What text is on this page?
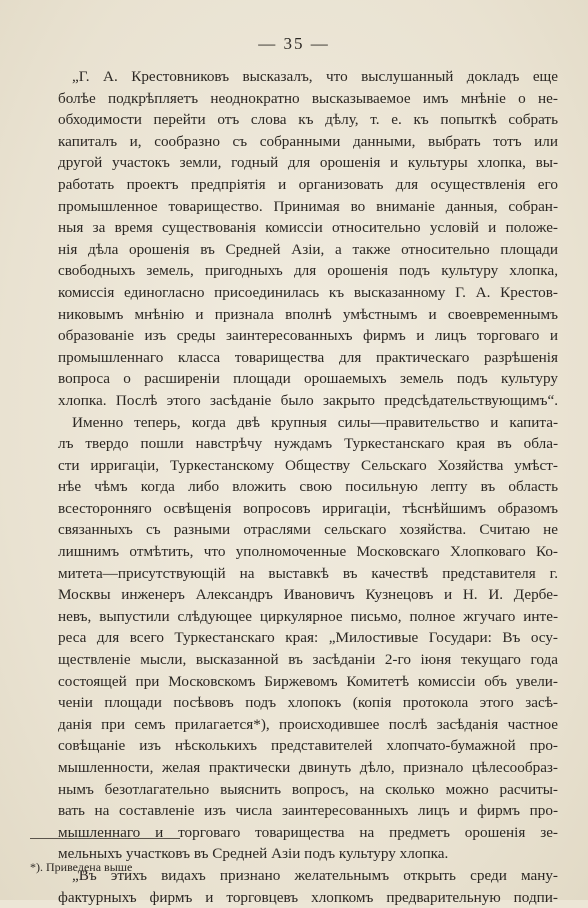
— 35 —
„Г. А. Крестовниковъ высказалъ, что выслушанный докладъ еще
болѣе подкрѣпляетъ неоднократно высказываемое имъ мнѣніе о не-
обходимости перейти отъ слова къ дѣлу, т. е. къ попыткѣ собрать
капиталъ и, сообразно съ собранными данными, выбрать тотъ или
другой участокъ земли, годный для орошенія и культуры хлопка, вы-
работать проектъ предпріятія и организовать для осуществленія его
промышленное товарищество. Принимая во вниманіе данныя, собран-
ныя за время существованія комиссіи относительно условій и положе-
нія дѣла орошенія въ Средней Азіи, а также относительно площади
свободныхъ земель, пригодныхъ для орошенія подъ культуру хлопка,
комиссія единогласно присоединилась къ высказанному Г. А. Крестов-
никовымъ мнѣнію и признала вполнѣ умѣстнымъ и своевременнымъ
образованіе изъ среды заинтересованныхъ фирмъ и лицъ торговаго и
промышленнаго класса товарищества для практическаго разрѣшенія
вопроса о расширеніи площади орошаемыхъ земель подъ культуру
хлопка. Послѣ этого засѣданіе было закрыто предсѣдательствующимъ“.
Именно теперь, когда двѣ крупныя силы—правительство и капита-
лъ твердо пошли навстрѣчу нуждамъ Туркестанскаго края въ обла-
сти ирригаціи, Туркестанскому Обществу Сельскаго Хозяйства умѣст-
нѣе чѣмъ когда либо вложить свою посильную лепту въ область
всесторонняго освѣщенія вопросовъ ирригаціи, тѣснѣйшимъ образомъ
связанныхъ съ разными отраслями сельскаго хозяйства. Считаю не
лишнимъ отмѣтить, что уполномоченные Московскаго Хлопковаго Ко-
митета—присутствующій на выставкѣ въ качествѣ представителя г.
Москвы инженеръ Александръ Ивановичъ Кузнецовъ и Н. И. Дербе-
невъ, выпустили слѣдующее циркулярное письмо, полное жгучаго инте-
реса для всего Туркестанскаго края: „Милостивые Государи: Въ осу-
ществленіе мысли, высказанной въ засѣданіи 2-го іюня текущаго года
состоящей при Московскомъ Биржевомъ Комитетѣ комиссіи объ увели-
ченіи площади посѣвовъ подъ хлопокъ (копія протокола этого засѣ-
данія при семъ прилагается*), происходившее послѣ засѣданія частное
совѣщаніе изъ нѣсколькихъ представителей хлопчато-бумажной про-
мышленности, желая практически двинуть дѣло, признало цѣлесообраз-
нымъ безотлагательно выяснить вопросъ, на сколько можно расчиты-
вать на составленіе изъ числа заинтересованныхъ лицъ и фирмъ про-
мышленнаго и торговаго товарищества на предметъ орошенія зе-
мельныхъ участковъ въ Средней Азіи подъ культуру хлопка.
„Въ этихъ видахъ признано желательнымъ открыть среди ману-
фактурныхъ фирмъ и торговцевъ хлопкомъ предварительную подпи-
*). Приведена выше
